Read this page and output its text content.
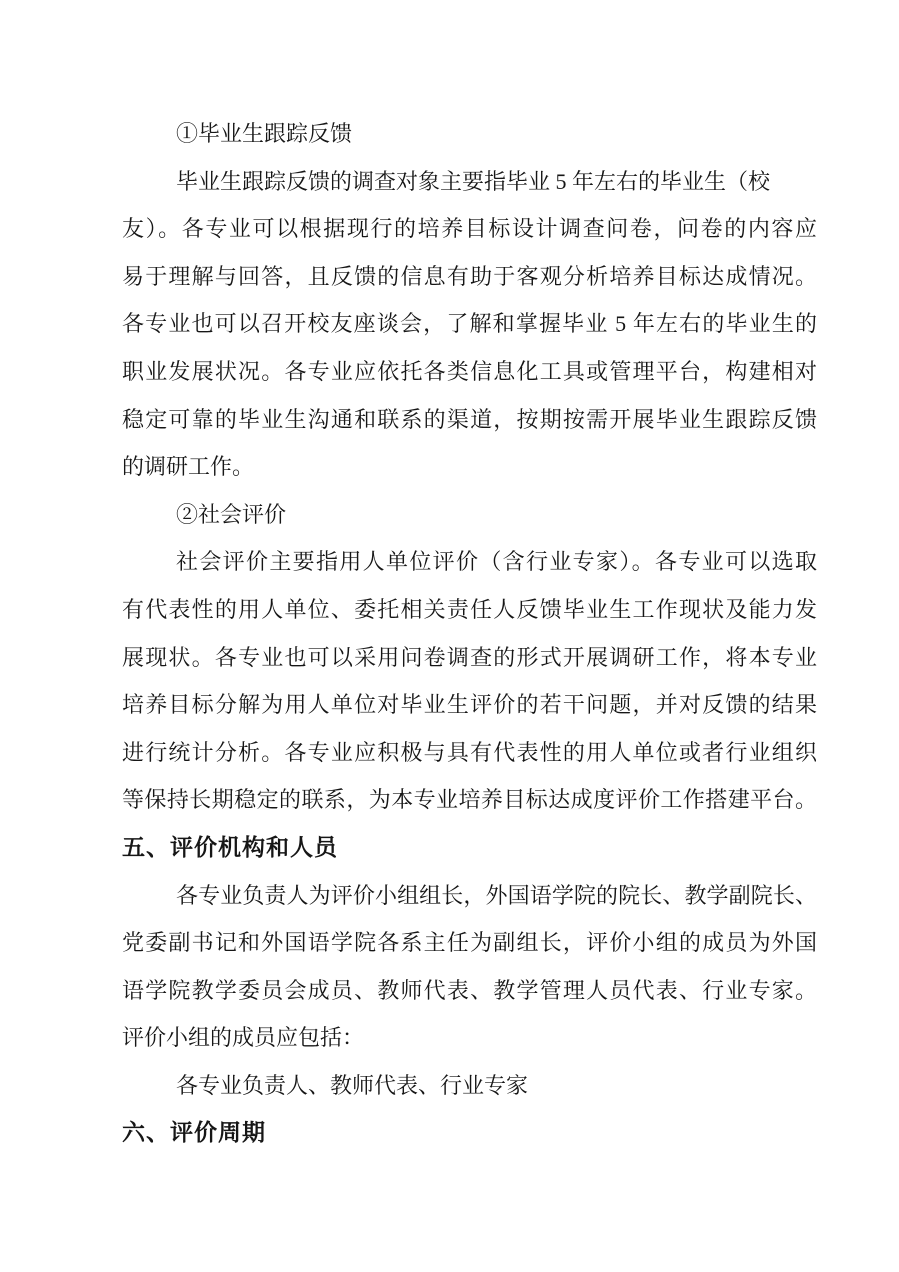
①毕业生跟踪反馈
毕业生跟踪反馈的调查对象主要指毕业 5 年左右的毕业生（校
友）。各专业可以根据现行的培养目标设计调查问卷，问卷的内容应
易于理解与回答，且反馈的信息有助于客观分析培养目标达成情况。
各专业也可以召开校友座谈会，了解和掌握毕业 5 年左右的毕业生的
职业发展状况。各专业应依托各类信息化工具或管理平台，构建相对
稳定可靠的毕业生沟通和联系的渠道，按期按需开展毕业生跟踪反馈
的调研工作。
②社会评价
社会评价主要指用人单位评价（含行业专家）。各专业可以选取
有代表性的用人单位、委托相关责任人反馈毕业生工作现状及能力发
展现状。各专业也可以采用问卷调查的形式开展调研工作，将本专业
培养目标分解为用人单位对毕业生评价的若干问题，并对反馈的结果
进行统计分析。各专业应积极与具有代表性的用人单位或者行业组织
等保持长期稳定的联系，为本专业培养目标达成度评价工作搭建平台。
五、评价机构和人员
各专业负责人为评价小组组长，外国语学院的院长、教学副院长、
党委副书记和外国语学院各系主任为副组长，评价小组的成员为外国
语学院教学委员会成员、教师代表、教学管理人员代表、行业专家。
评价小组的成员应包括：
各专业负责人、教师代表、行业专家
六、评价周期
